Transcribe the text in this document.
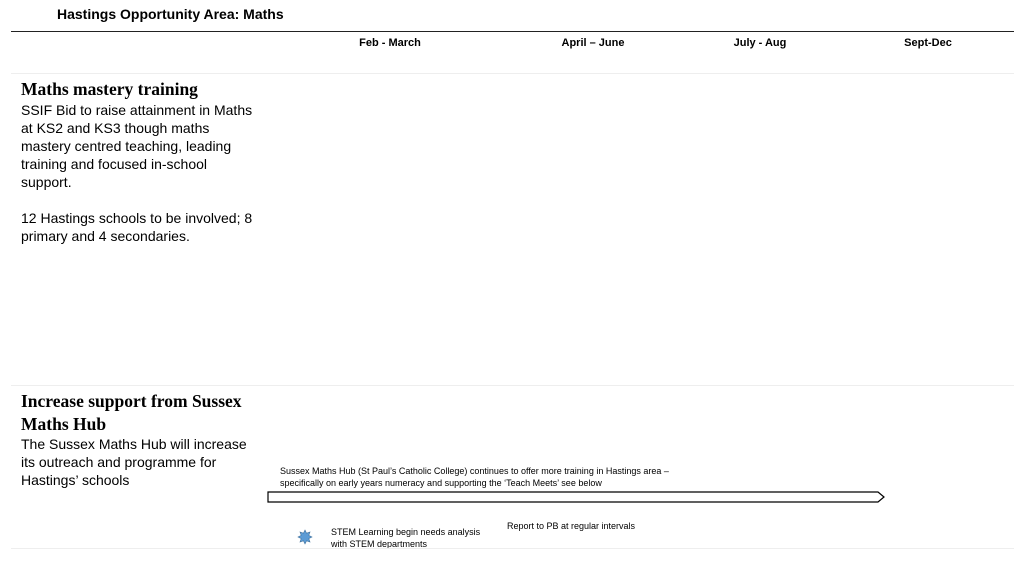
Hastings Opportunity Area: Maths
Feb - March	April – June	July - Aug	Sept-Dec
Maths mastery training
SSIF Bid to raise attainment in Maths at KS2 and KS3 though maths mastery centred teaching, leading training and focused in-school support.
12 Hastings schools to be involved; 8 primary and 4 secondaries.
Increase support from Sussex Maths Hub
The Sussex Maths Hub will increase its outreach and programme for Hastings’ schools
Sussex Maths Hub (St Paul’s Catholic College) continues to offer more training in Hastings area – specifically on early years numeracy and supporting the ‘Teach Meets’ see below
Report to PB at regular intervals
STEM Learning begin needs analysis with STEM departments
